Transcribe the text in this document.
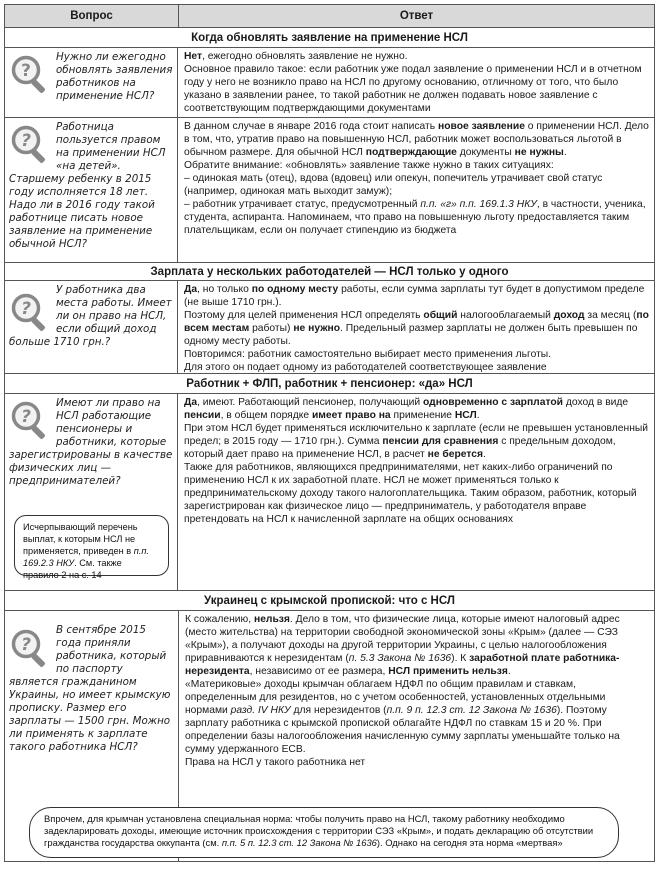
Вопрос	Ответ
Когда обновлять заявление на применение НСЛ
?
Нужно ли ежегодно обновлять заявления работников на применение НСЛ?

Нет, ежегодно обновлять заявление не нужно.

Основное правило такое: если работник уже подал заявление о применении НСЛ и в отчетном году у него не возникло право на НСЛ по другому основанию, отличному от того, что было указано в заявлении ранее, то такой работник не должен подавать новое заявление с соответствующим подтверждающими документами

?
Работница пользуется правом на применении НСЛ «на детей». Старшему ребенку в 2015 году исполняется 18 лет. Надо ли в 2016 году такой работнице писать новое заявление на применение обычной НСЛ?

В данном случае в январе 2016 года стоит написать новое заявление о применении НСЛ. Дело в том, что, утратив право на повышенную НСЛ, работник может воспользоваться льготой в обычном размере. Для обычной НСЛ подтверждающие документы не нужны.

Обратите внимание: «обновлять» заявление также нужно в таких ситуациях:

– одинокая мать (отец), вдова (вдовец) или опекун, попечитель утрачивает свой статус (например, одинокая мать выходит замуж);

– работник утрачивает статус, предусмотренный п.п. «г» п.п. 169.1.3 НКУ, в частности, ученика, студента, аспиранта. Напоминаем, что право на повышенную льготу предоставляется таким плательщикам, если он получает стипендию из бюджета

Зарплата у нескольких работодателей — НСЛ только у одного
?
У работника два места работы. Имеет ли он право на НСЛ, если общий доход больше 1710 грн.?

Да, но только по одному месту работы, если сумма зарплаты тут будет в допустимом пределе (не выше 1710 грн.).

Поэтому для целей применения НСЛ определять общий налогооблагаемый доход за месяц (по всем местам работы) не нужно. Предельный размер зарплаты не должен быть превышен по одному месту работы.

Повторимся: работник самостоятельно выбирает место применения льготы.

Для этого он подает одному из работодателей соответствующее заявление

Работник + ФЛП, работник + пенсионер: «да» НСЛ
?
Имеют ли право на НСЛ работающие пенсионеры и работники, которые зарегистрированы в качестве физических лиц — предпринимателей?
Исчерпывающий перечень выплат, к которым НСЛ не применяется, приведен в п.п. 169.2.3 НКУ. См. также правило 2 на с. 14

Да, имеют. Работающий пенсионер, получающий одновременно с зарплатой доход в виде пенсии, в общем порядке имеет право на применение НСЛ.

При этом НСЛ будет применяться исключительно к зарплате (если не превышен установленный предел; в 2015 году — 1710 грн.). Сумма пенсии для сравнения с предельным доходом, который дает право на применение НСЛ, в расчет не берется.

Также для работников, являющихся предпринимателями, нет каких-либо ограничений по применению НСЛ к их заработной плате. НСЛ не может применяться только к предпринимательскому доходу такого налогоплательщика. Таким образом, работник, который зарегистрирован как физическое лицо — предприниматель, у работодателя вправе претендовать на НСЛ к начисленной зарплате на общих основаниях

Украинец с крымской пропиской: что с НСЛ
?
В сентябре 2015 года приняли работника, который по паспорту является гражданином Украины, но имеет крымскую прописку. Размер его зарплаты — 1500 грн. Можно ли применять к зарплате такого работника НСЛ?

К сожалению, нельзя. Дело в том, что физические лица, которые имеют налоговый адрес (место жительства) на территории свободной экономической зоны «Крым» (далее — СЭЗ «Крым»), а получают доходы на другой территории Украины, с целью налогообложения приравниваются к нерезидентам (п. 5.3 Закона № 1636). К заработной плате работника-нерезидента, независимо от ее размера, НСЛ применить нельзя.

«Материковые» доходы крымчан облагаем НДФЛ по общим правилам и ставкам, определенным для резидентов, но с учетом особенностей, установленных отдельными нормами разд. IV НКУ для нерезидентов (п.п. 9 п. 12.3 ст. 12 Закона № 1636). Поэтому зарплату работника с крымской пропиской облагайте НДФЛ по ставкам 15 и 20 %. При определении базы налогообложения начисленную сумму зарплаты уменьшайте только на сумму удержанного ЕСВ.

Права на НСЛ у такого работника нет

Впрочем, для крымчан установлена специальная норма: чтобы получить право на НСЛ, такому работнику необходимо задекларировать доходы, имеющие источник происхождения с территории СЭЗ «Крым», и подать декларацию об отсутствии гражданства государства оккупанта (см. п.п. 5 п. 12.3 ст. 12 Закона № 1636). Однако на сегодня эта норма «мертвая»
